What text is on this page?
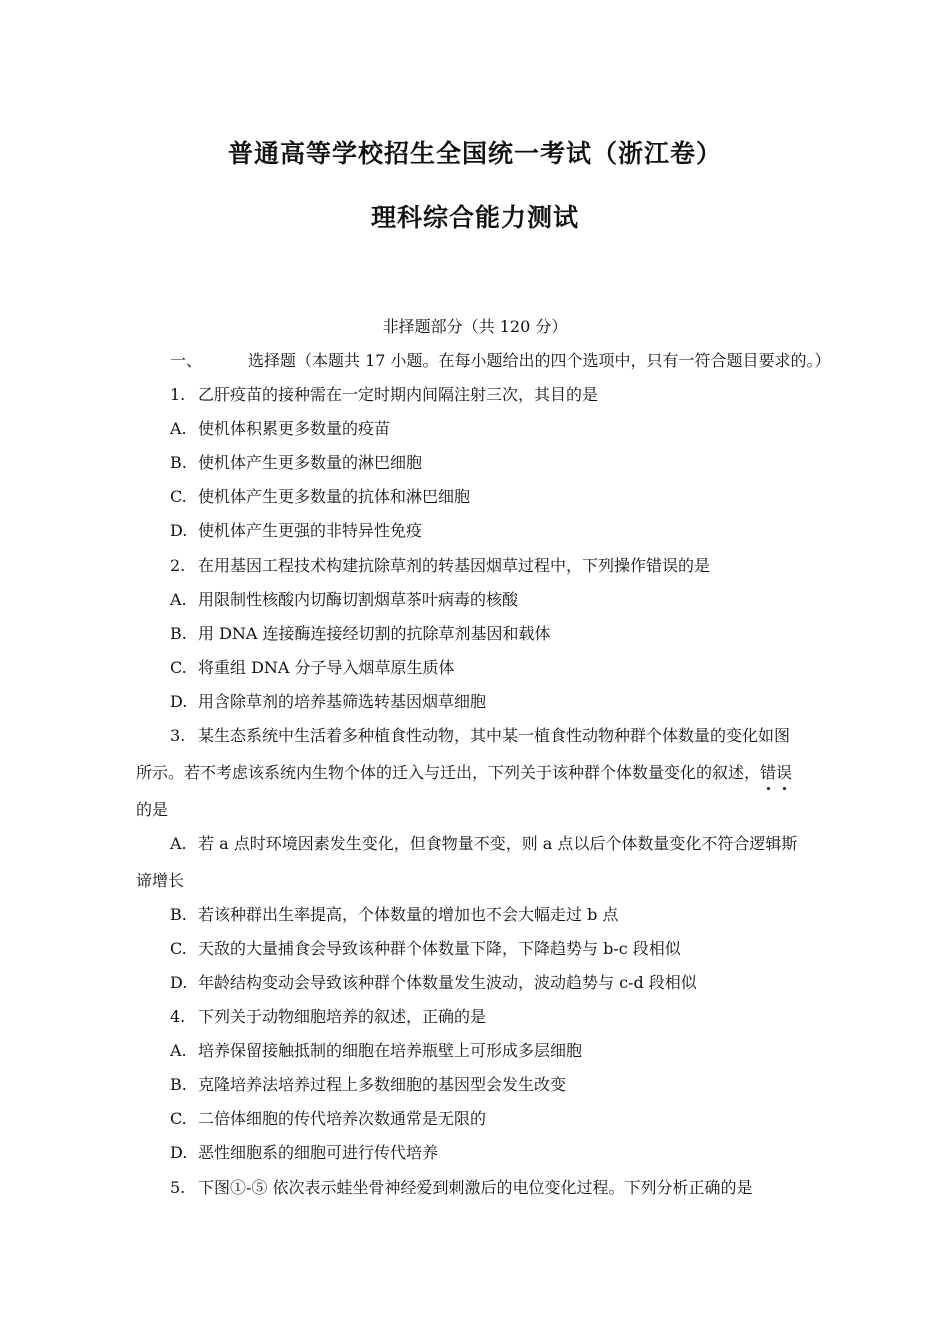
普通高等学校招生全国统一考试（浙江卷）
理科综合能力测试
非择题部分（共 120 分）
一、	选择题（本题共 17 小题。在每小题给出的四个选项中，只有一符合题目要求的。）
1. 乙肝疫苗的接种需在一定时期内间隔注射三次，其目的是
A. 使机体积累更多数量的疫苗
B. 使机体产生更多数量的淋巴细胞
C. 使机体产生更多数量的抗体和淋巴细胞
D. 使机体产生更强的非特异性免疫
2. 在用基因工程技术构建抗除草剂的转基因烟草过程中，下列操作错误的是
A. 用限制性核酸内切酶切割烟草茶叶病毒的核酸
B. 用 DNA 连接酶连接经切割的抗除草剂基因和载体
C. 将重组 DNA 分子导入烟草原生质体
D. 用含除草剂的培养基筛选转基因烟草细胞
3. 某生态系统中生活着多种植食性动物，其中某一植食性动物种群个体数量的变化如图
所示。若不考虑该系统内生物个体的迁入与迁出，下列关于该种群个体数量变化的叙述，错误
的是
A. 若 a 点时环境因素发生变化，但食物量不变，则 a 点以后个体数量变化不符合逻辑斯
谛增长
B. 若该种群出生率提高，个体数量的增加也不会大幅走过 b 点
C. 天敌的大量捕食会导致该种群个体数量下降，下降趋势与 b-c 段相似
D. 年龄结构变动会导致该种群个体数量发生波动，波动趋势与 c-d 段相似
4. 下列关于动物细胞培养的叙述，正确的是
A. 培养保留接触抵制的细胞在培养瓶壁上可形成多层细胞
B. 克隆培养法培养过程上多数细胞的基因型会发生改变
C. 二倍体细胞的传代培养次数通常是无限的
D. 恶性细胞系的细胞可进行传代培养
5. 下图①-⑤ 依次表示蛙坐骨神经爱到刺激后的电位变化过程。下列分析正确的是
